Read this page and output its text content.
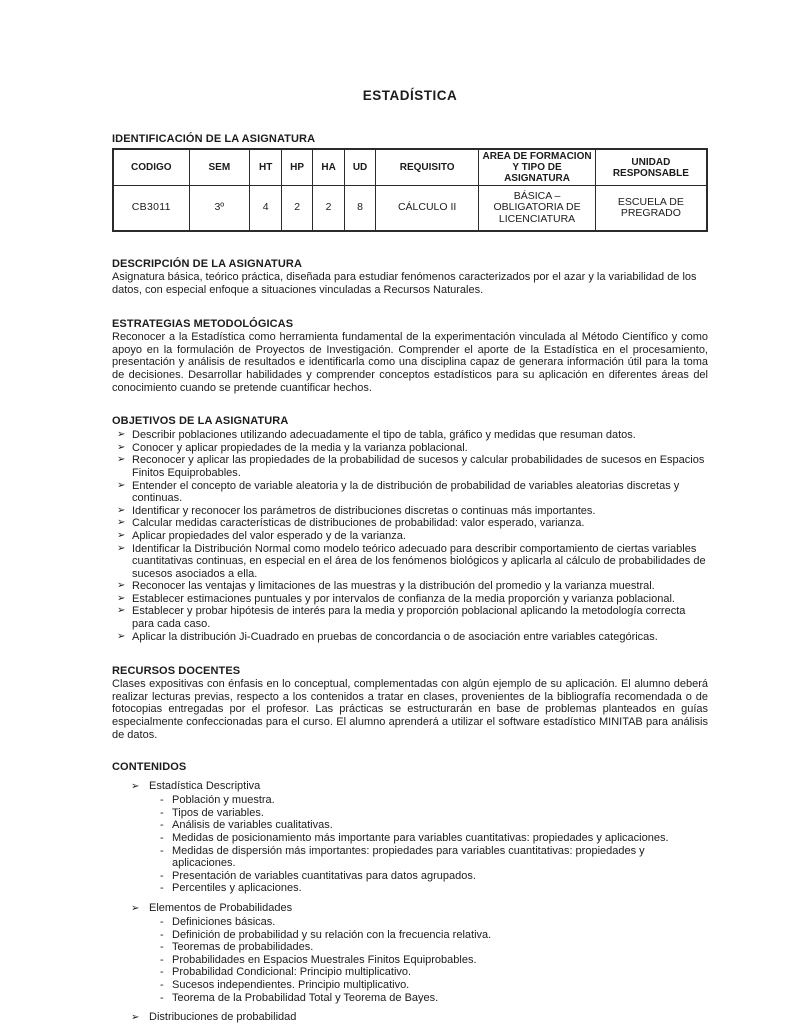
ESTADÍSTICA
IDENTIFICACIÓN DE LA ASIGNATURA
CODIGO	SEM	HT	HP	HA	UD	REQUISITO	AREA DE FORMACION Y TIPO DE ASIGNATURA	UNIDAD RESPONSABLE
CB3011	3º	4	2	2	8	CÁLCULO II	BÁSICA – OBLIGATORIA DE LICENCIATURA	ESCUELA DE PREGRADO
DESCRIPCIÓN DE LA ASIGNATURA

Asignatura básica, teórico práctica, diseñada para estudiar fenómenos caracterizados por el azar y la variabilidad de los datos, con especial enfoque a situaciones vinculadas a Recursos Naturales.

ESTRATEGIAS METODOLÓGICAS

Reconocer a la Estadística como herramienta fundamental de la experimentación vinculada al Método Científico y como apoyo en la formulación de Proyectos de Investigación. Comprender el aporte de la Estadística en el procesamiento, presentación y análisis de resultados e identificarla como una disciplina capaz de generara información útil para la toma de decisiones. Desarrollar habilidades y comprender conceptos estadísticos para su aplicación en diferentes áreas del conocimiento cuando se pretende cuantificar hechos.

OBJETIVOS DE LA ASIGNATURA
➢ Describir poblaciones utilizando adecuadamente el tipo de tabla, gráfico y medidas que resuman datos.
➢ Conocer y aplicar propiedades de la media y la varianza poblacional.
➢ Reconocer y aplicar las propiedades de la probabilidad de sucesos y calcular probabilidades de sucesos en Espacios Finitos Equiprobables.
➢ Entender el concepto de variable aleatoria y la de distribución de probabilidad de variables aleatorias discretas y continuas.
➢ Identificar y reconocer los parámetros de distribuciones discretas o continuas más importantes.
➢ Calcular medidas características de distribuciones de probabilidad: valor esperado, varianza.
➢ Aplicar propiedades del valor esperado y de la varianza.
➢ Identificar la Distribución Normal como modelo teórico adecuado para describir comportamiento de ciertas variables cuantitativas continuas, en especial en el área de los fenómenos biológicos y aplicarla al cálculo de probabilidades de sucesos asociados a ella.
➢ Reconocer las ventajas y limitaciones de las muestras y la distribución del promedio y la varianza muestral.
➢ Establecer estimaciones puntuales y por intervalos de confianza de la media proporción y varianza poblacional.
➢ Establecer y probar hipótesis de interés para la media y proporción poblacional aplicando la metodología correcta para cada caso.
➢ Aplicar la distribución Ji-Cuadrado en pruebas de concordancia o de asociación entre variables categóricas.
RECURSOS DOCENTES

Clases expositivas con énfasis en lo conceptual, complementadas con algún ejemplo de su aplicación. El alumno deberá realizar lecturas previas, respecto a los contenidos a tratar en clases, provenientes de la bibliografía recomendada o de fotocopias entregadas por el profesor. Las prácticas se estructurarán en base de problemas planteados en guías especialmente confeccionadas para el curso. El alumno aprenderá a utilizar el software estadístico MINITAB para análisis de datos.

CONTENIDOS
➢ Estadística Descriptiva
- Población y muestra.
- Tipos de variables.
- Análisis de variables cualitativas.
- Medidas de posicionamiento más importante para variables cuantitativas: propiedades y aplicaciones.
- Medidas de dispersión más importantes: propiedades para variables cuantitativas: propiedades y aplicaciones.
- Presentación de variables cuantitativas para datos agrupados.
- Percentiles y aplicaciones.
➢ Elementos de Probabilidades
- Definiciones básicas.
- Definición de probabilidad y su relación con la frecuencia relativa.
- Teoremas de probabilidades.
- Probabilidades en Espacios Muestrales Finitos Equiprobables.
- Probabilidad Condicional: Principio multiplicativo.
- Sucesos independientes. Principio multiplicativo.
- Teorema de la Probabilidad Total y Teorema de Bayes.
➢ Distribuciones de probabilidad
